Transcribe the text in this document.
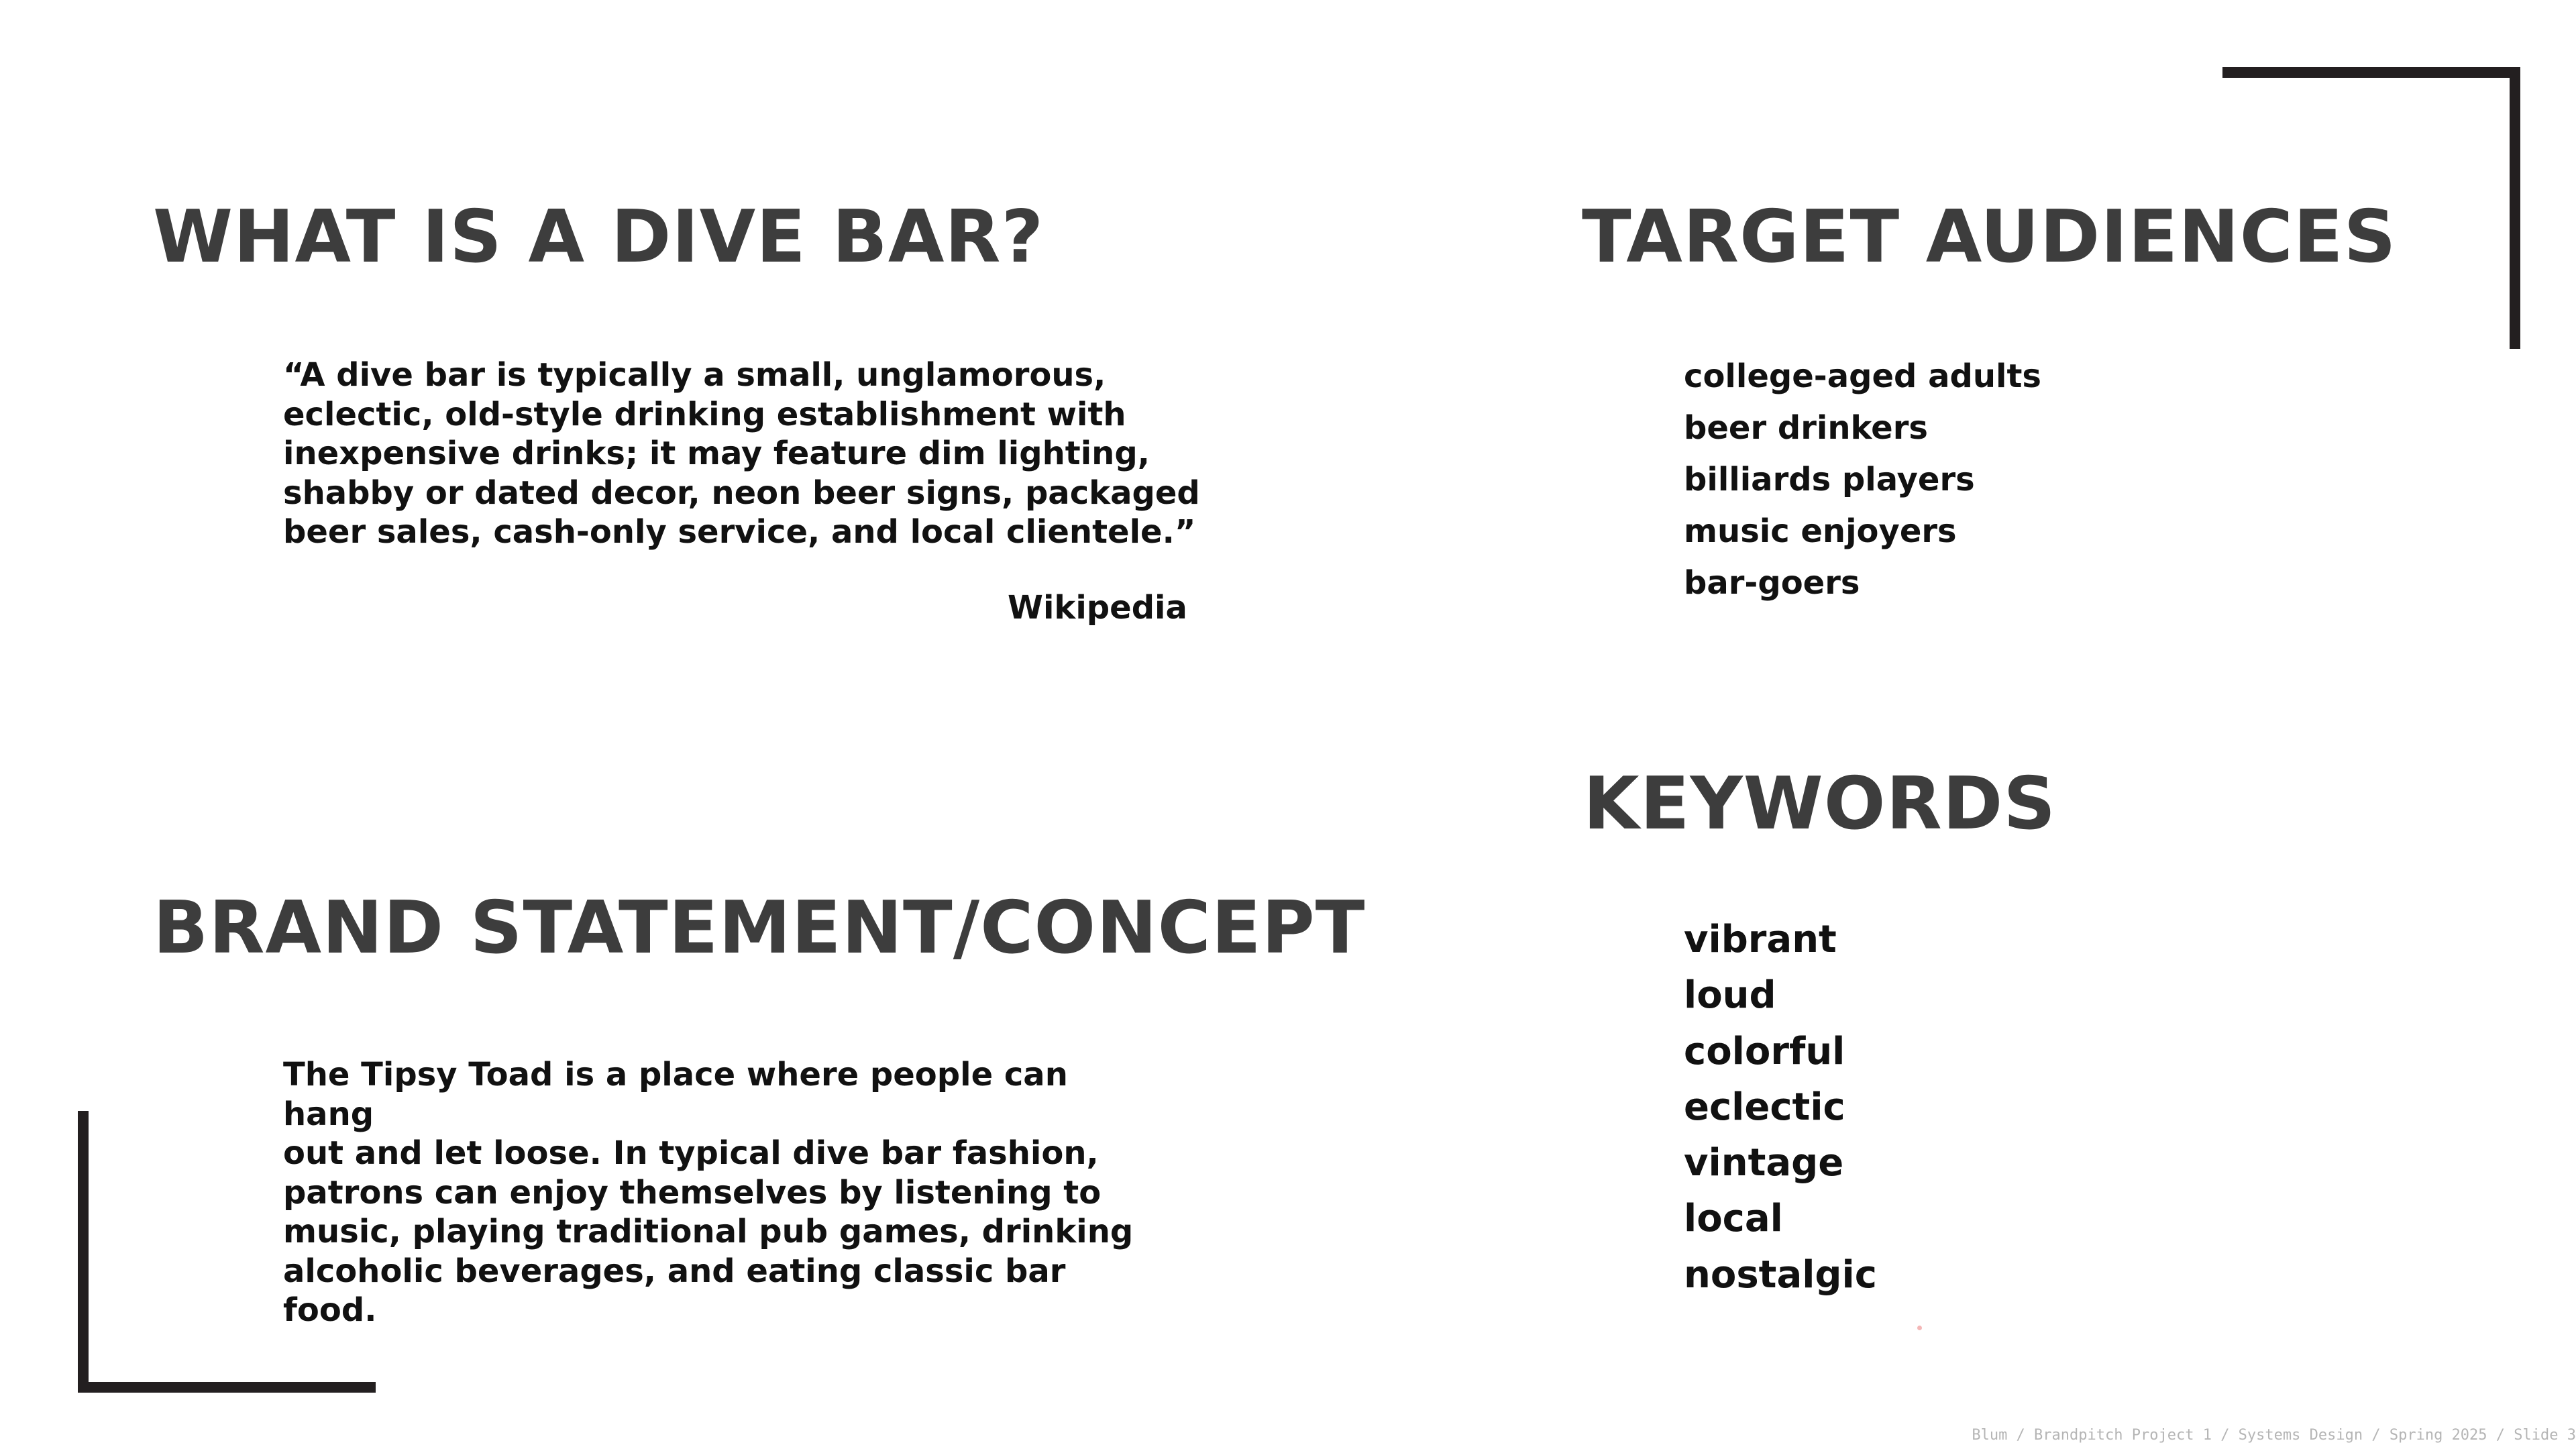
WHAT IS A DIVE BAR?
“A dive bar is typically a small, unglamorous,
eclectic, old-style drinking establishment with
inexpensive drinks; it may feature dim lighting,
shabby or dated decor, neon beer signs, packaged
beer sales, cash-only service, and local clientele.”
Wikipedia
BRAND STATEMENT/CONCEPT
The Tipsy Toad is a place where people can hang
out and let loose. In typical dive bar fashion,
patrons can enjoy themselves by listening to
music, playing traditional pub games, drinking
alcoholic beverages, and eating classic bar food.
TARGET AUDIENCES
college-aged adults
beer drinkers
billiards players
music enjoyers
bar-goers
KEYWORDS
vibrant
loud
colorful
eclectic
vintage
local
nostalgic
Blum / Brandpitch Project 1 / Systems Design / Spring 2025 / Slide 3
